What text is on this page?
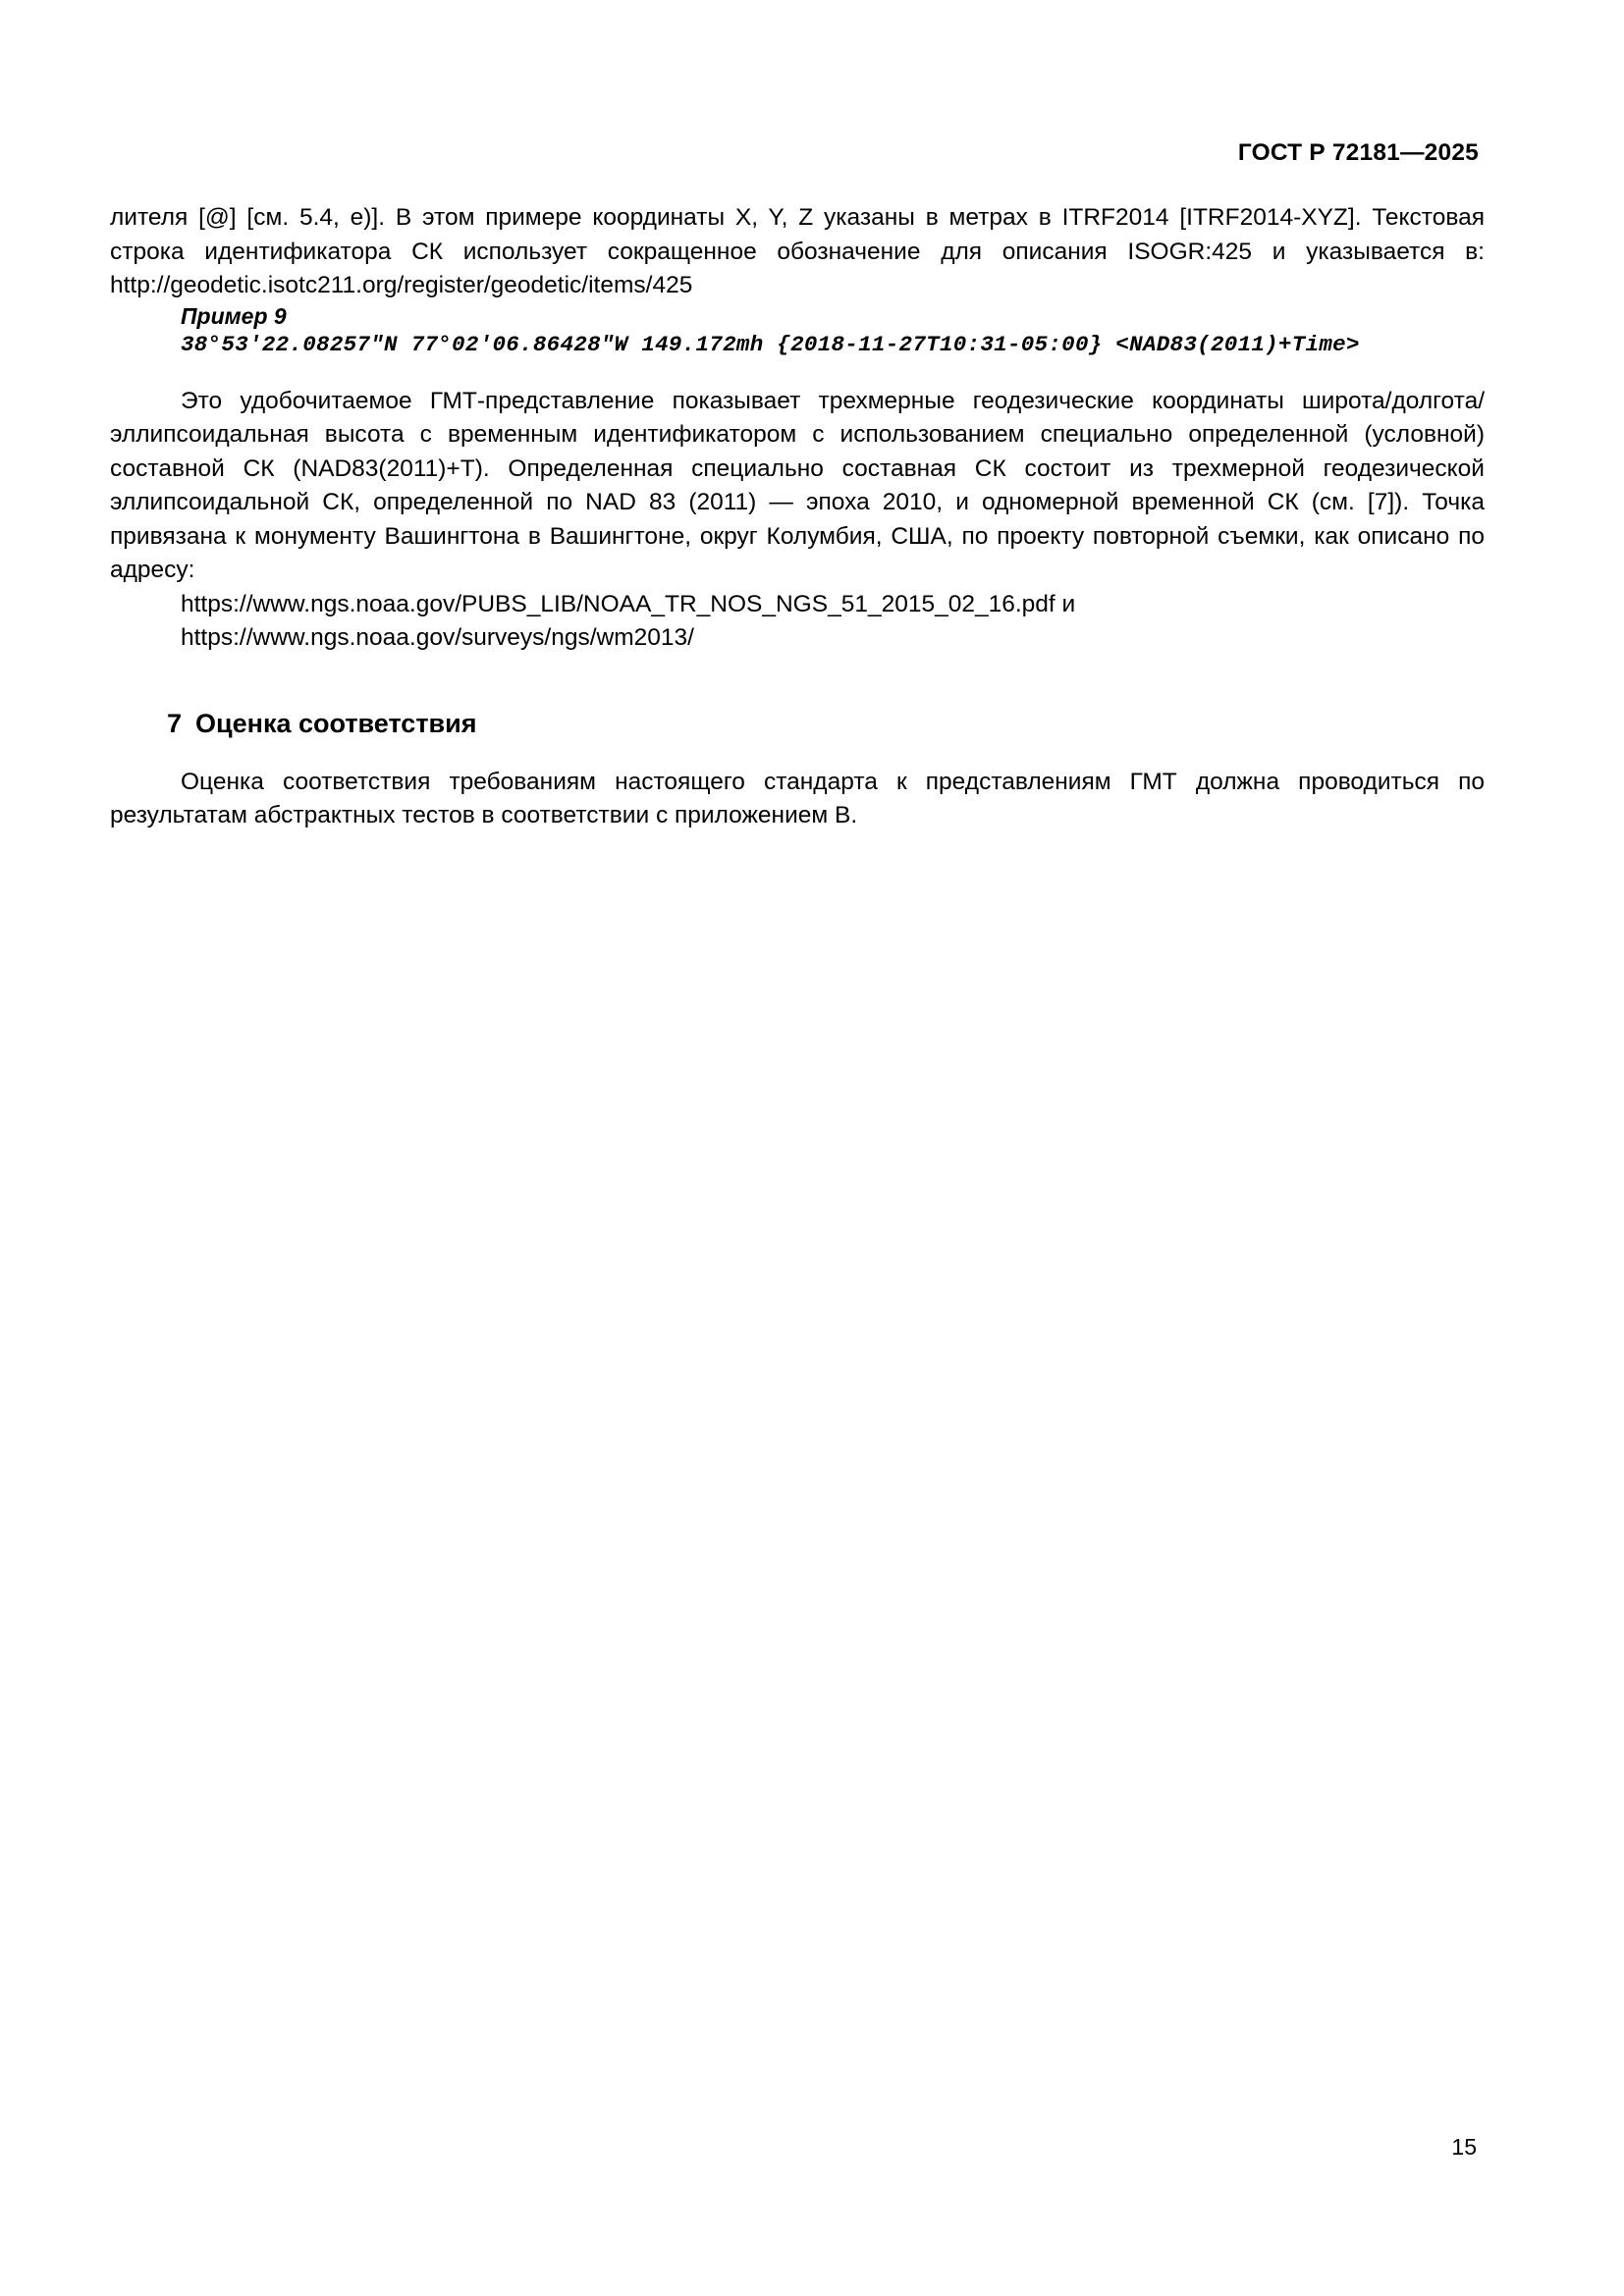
ГОСТ Р 72181—2025

лителя [@] [см. 5.4, e)]. В этом примере координаты X, Y, Z указаны в метрах в ITRF2014 [ITRF2014-XYZ]. Текстовая строка идентификатора СК использует сокращенное обозначение для описания ISOGR:425 и указывается в: http://geodetic.isotc211.org/register/geodetic/items/425

Пример 9

38°53′22.08257″N 77°02′06.86428″W 149.172mh {2018-11-27T10:31-05:00} <NAD83(2011)+Time>

Это удобочитаемое ГМТ-представление показывает трехмерные геодезические координаты широта/долгота/эллипсоидальная высота с временным идентификатором с использованием специально определенной (условной) составной СК (NAD83(2011)+Т). Определенная специально составная СК состоит из трехмерной геодезической эллипсоидальной СК, определенной по NAD 83 (2011) — эпоха 2010, и одномерной временной СК (см. [7]). Точка привязана к монументу Вашингтона в Вашингтоне, округ Колумбия, США, по проекту повторной съемки, как описано по адресу:

https://www.ngs.noaa.gov/PUBS_LIB/NOAA_TR_NOS_NGS_51_2015_02_16.pdf и

https://www.ngs.noaa.gov/surveys/ngs/wm2013/

7 Оценка соответствия

Оценка соответствия требованиям настоящего стандарта к представлениям ГМТ должна проводиться по результатам абстрактных тестов в соответствии с приложением В.

15
